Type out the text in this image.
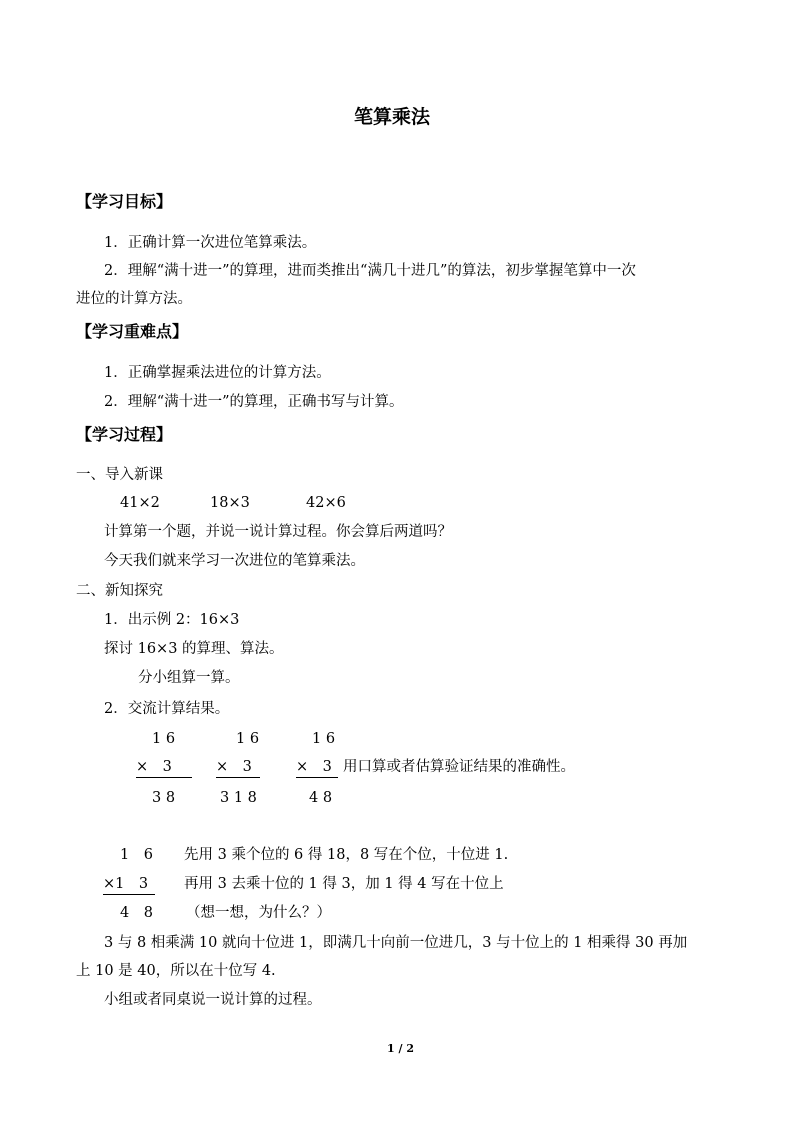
笔算乘法
【学习目标】
1．正确计算一次进位笔算乘法。
2．理解“满十进一”的算理，进而类推出“满几十进几”的算法，初步掌握笔算中一次
进位的计算方法。
【学习重难点】
1．正确掌握乘法进位的计算方法。
2．理解“满十进一”的算理，正确书写与计算。
【学习过程】
一、导入新课
41×2	18×3	42×6
计算第一个题，并说一说计算过程。你会算后两道吗？
今天我们就来学习一次进位的笔算乘法。
二、新知探究
1．出示例 2：16×3
探讨 16×3 的算理、算法。
分小组算一算。
2．交流计算结果。
1 6
×　3
3 8
1 6
×　3
3 1 8
1 6
×　3
4 8
用口算或者估算验证结果的准确性。
1　6
×1　3
4　8
先用 3 乘个位的 6 得 18，8 写在个位，十位进 1.
再用 3 去乘十位的 1 得 3，加 1 得 4 写在十位上
（想一想，为什么？）
3 与 8 相乘满 10 就向十位进 1，即满几十向前一位进几，3 与十位上的 1 相乘得 30 再加
上 10 是 40，所以在十位写 4.
小组或者同桌说一说计算的过程。
1 / 2
